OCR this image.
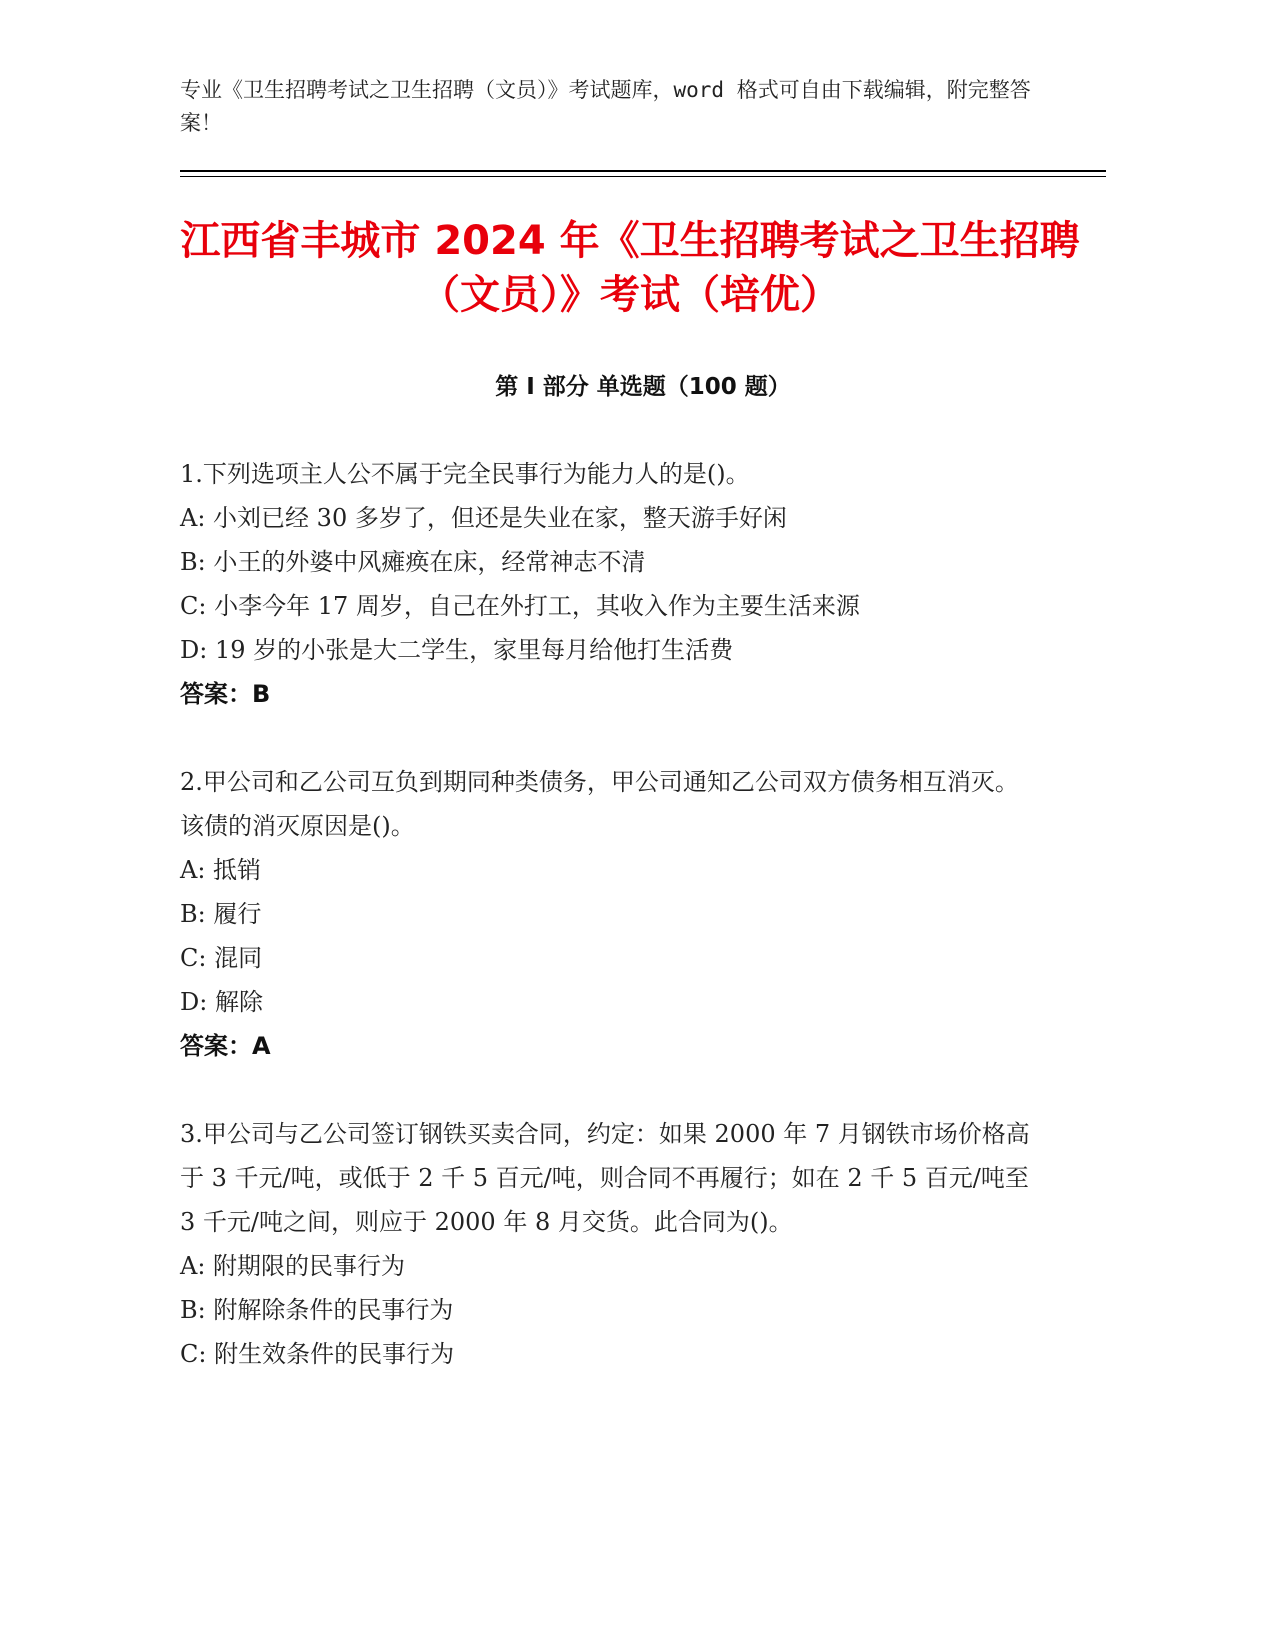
专业《卫生招聘考试之卫生招聘（文员）》考试题库，word 格式可自由下载编辑，附完整答案！
江西省丰城市 2024 年《卫生招聘考试之卫生招聘（文员）》考试（培优）
第 I 部分 单选题（100 题）

1.下列选项主人公不属于完全民事行为能力人的是()。

A: 小刘已经 30 多岁了，但还是失业在家，整天游手好闲

B: 小王的外婆中风瘫痪在床，经常神志不清

C: 小李今年 17 周岁，自己在外打工，其收入作为主要生活来源

D: 19 岁的小张是大二学生，家里每月给他打生活费

答案：B

2.甲公司和乙公司互负到期同种类债务，甲公司通知乙公司双方债务相互消灭。该债的消灭原因是()。

A: 抵销

B: 履行

C: 混同

D: 解除

答案：A

3.甲公司与乙公司签订钢铁买卖合同，约定：如果 2000 年 7 月钢铁市场价格高于 3 千元/吨，或低于 2 千 5 百元/吨，则合同不再履行；如在 2 千 5 百元/吨至 3 千元/吨之间，则应于 2000 年 8 月交货。此合同为()。

A: 附期限的民事行为

B: 附解除条件的民事行为

C: 附生效条件的民事行为
